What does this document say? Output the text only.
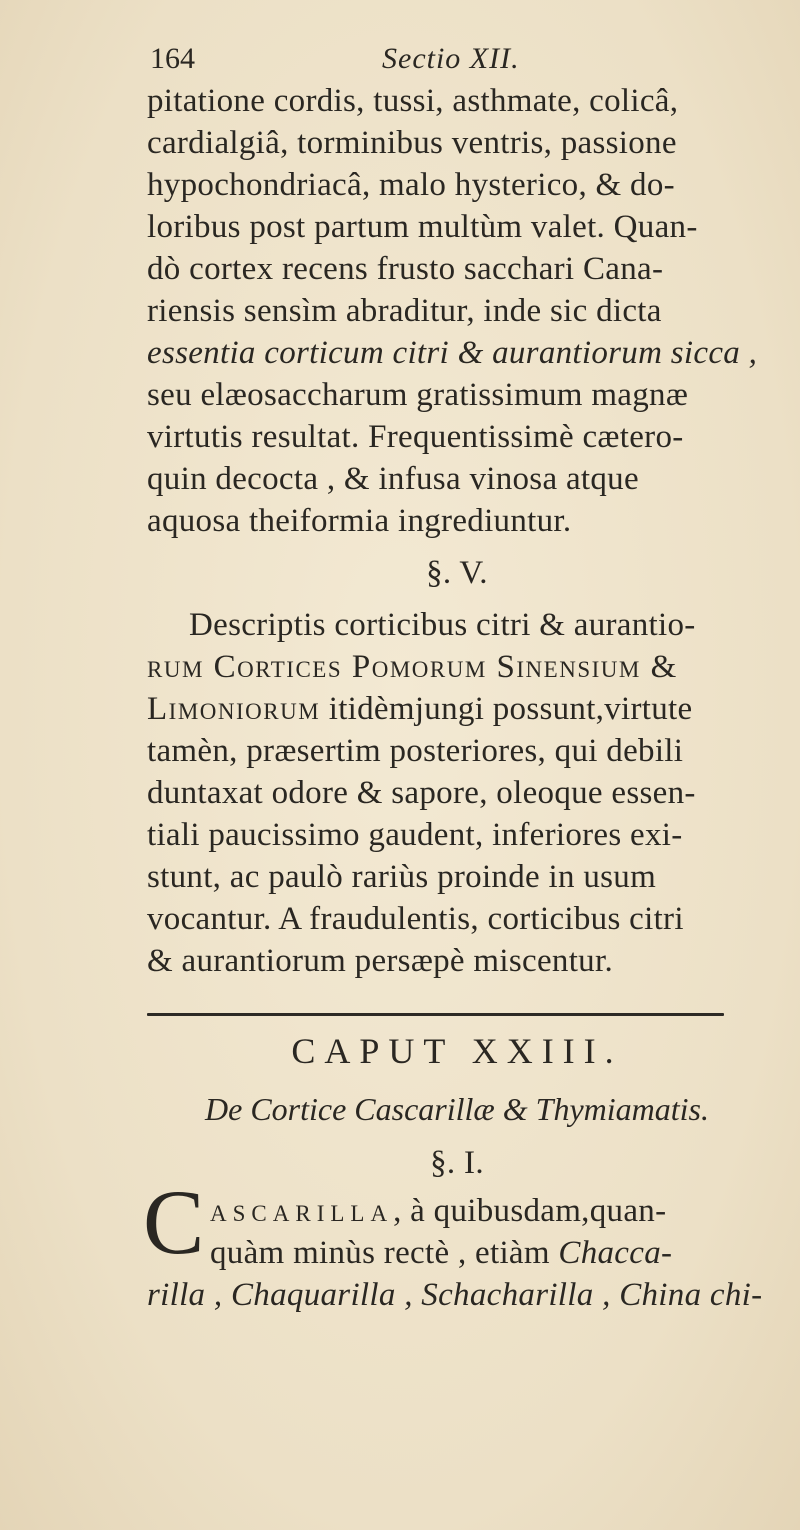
164	Sectio XII.
pitatione cordis, tussi, asthmate, colicâ,
cardialgiâ, torminibus ventris, passione
hypochondriacâ, malo hysterico, & do-
loribus post partum multùm valet. Quan-
dò cortex recens frusto sacchari Cana-
riensis sensìm abraditur, inde sic dicta
essentia corticum citri & aurantiorum sicca ,
seu elæosaccharum gratissimum magnæ
virtutis resultat. Frequentissimè cætero-
quin decocta , & infusa vinosa atque
aquosa theiformia ingrediuntur.
§. V.
Descriptis corticibus citri & aurantio-
rum Cortices Pomorum Sinensium &
Limoniorum itidèmjungi possunt,virtute
tamèn, præsertim posteriores, qui debili
duntaxat odore & sapore, oleoque essen-
tiali paucissimo gaudent, inferiores exi-
stunt, ac paulò rariùs proinde in usum
vocantur. A fraudulentis, corticibus citri
& aurantiorum persæpè miscentur.
CAPUT XXIII.
De Cortice Cascarillæ & Thymiamatis.
§. I.
C ascarilla, à quibusdam,quan-
quàm minùs rectè , etiàm Chacca-
rilla , Chaquarilla , Schacharilla , China chi-
